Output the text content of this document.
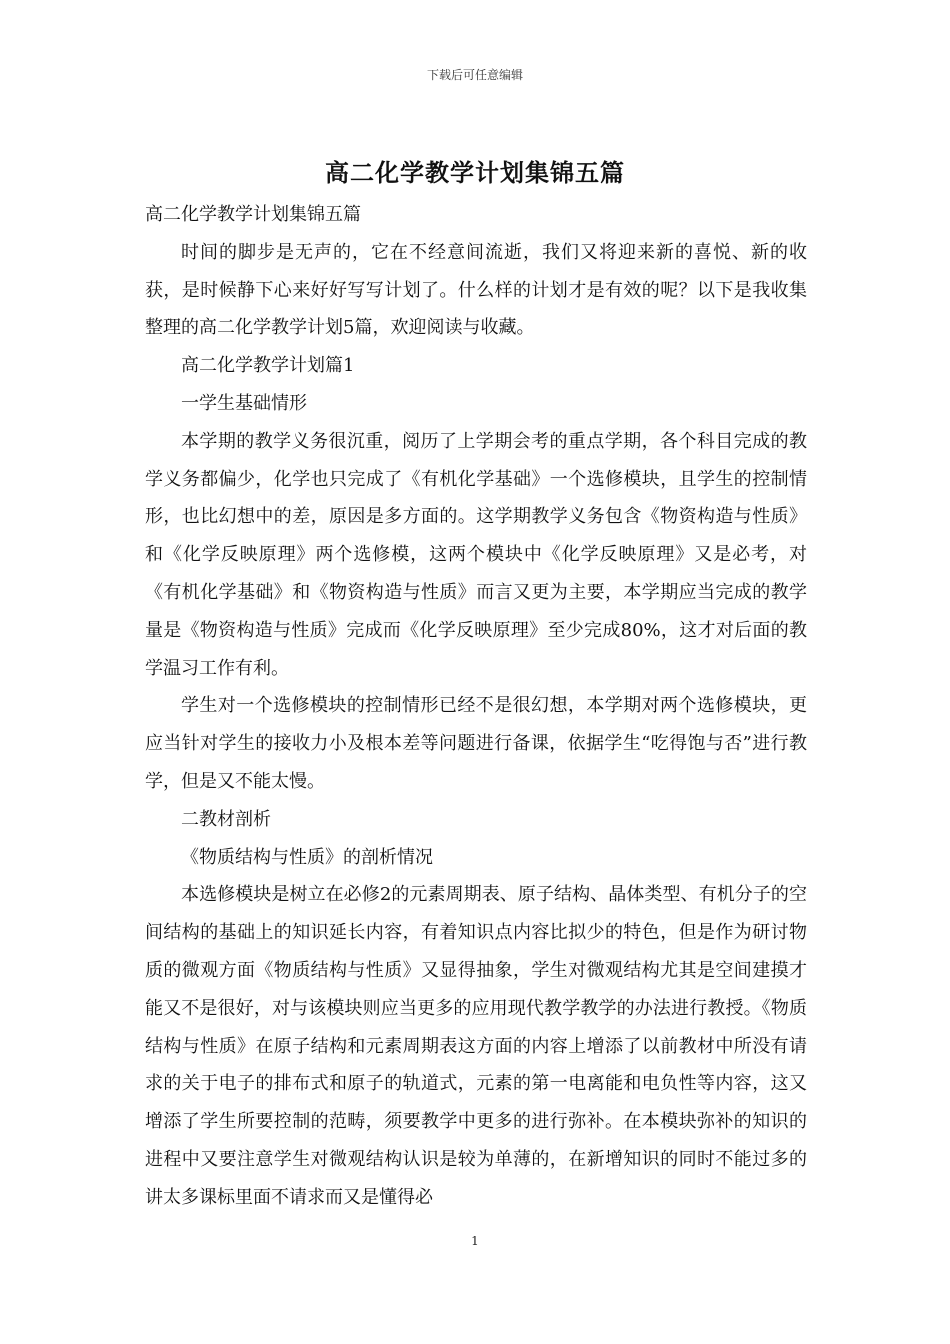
下载后可任意编辑
高二化学教学计划集锦五篇

高二化学教学计划集锦五篇

时间的脚步是无声的，它在不经意间流逝，我们又将迎来新的喜悦、新的收获，是时候静下心来好好写写计划了。什么样的计划才是有效的呢？以下是我收集整理的高二化学教学计划5篇，欢迎阅读与收藏。

高二化学教学计划篇1

一学生基础情形

本学期的教学义务很沉重，阅历了上学期会考的重点学期，各个科目完成的教学义务都偏少，化学也只完成了《有机化学基础》一个选修模块，且学生的控制情形，也比幻想中的差，原因是多方面的。这学期教学义务包含《物资构造与性质》和《化学反映原理》两个选修模，这两个模块中《化学反映原理》又是必考，对《有机化学基础》和《物资构造与性质》而言又更为主要，本学期应当完成的教学量是《物资构造与性质》完成而《化学反映原理》至少完成80%，这才对后面的教学温习工作有利。

学生对一个选修模块的控制情形已经不是很幻想，本学期对两个选修模块，更应当针对学生的接收力小及根本差等问题进行备课，依据学生“吃得饱与否”进行教学，但是又不能太慢。

二教材剖析

《物质结构与性质》的剖析情况

本选修模块是树立在必修2的元素周期表、原子结构、晶体类型、有机分子的空间结构的基础上的知识延长内容，有着知识点内容比拟少的特色，但是作为研讨物质的微观方面《物质结构与性质》又显得抽象，学生对微观结构尤其是空间建摸才能又不是很好，对与该模块则应当更多的应用现代教学教学的办法进行教授。《物质结构与性质》在原子结构和元素周期表这方面的内容上增添了以前教材中所没有请求的关于电子的排布式和原子的轨道式，元素的第一电离能和电负性等内容，这又增添了学生所要控制的范畴，须要教学中更多的进行弥补。在本模块弥补的知识的进程中又要注意学生对微观结构认识是较为单薄的，在新增知识的同时不能过多的讲太多课标里面不请求而又是懂得必

1
